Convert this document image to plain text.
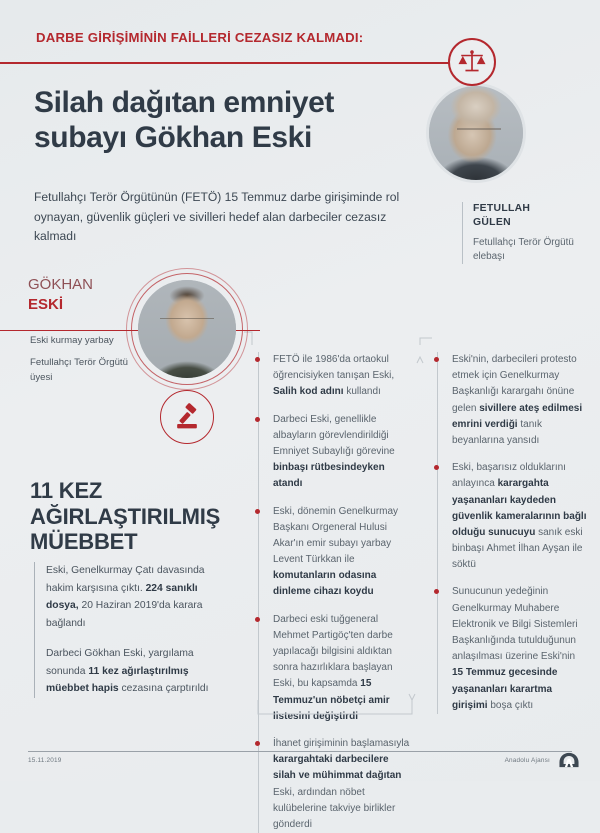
DARBE GİRİŞİMİNİN FAİLLERİ CEZASIZ KALMADI:
Silah dağıtan emniyet subayı Gökhan Eski
Fetullahçı Terör Örgütünün (FETÖ) 15 Temmuz darbe girişiminde rol oynayan, güvenlik güçleri ve sivilleri hedef alan darbeciler cezasız kalmadı
FETULLAH
GÜLEN
Fetullahçı Terör Örgütü elebaşı
GÖKHAN
ESKİ
Eski kurmay yarbay
Fetullahçı Terör Örgütü üyesi
11 KEZ AĞIRLAŞTIRILMIŞ MÜEBBET

Eski, Genelkurmay Çatı davasında hakim karşısına çıktı. 224 sanıklı dosya, 20 Haziran 2019'da karara bağlandı

Darbeci Gökhan Eski, yargılama sonunda 11 kez ağırlaştırılmış müebbet hapis cezasına çarptırıldı

FETÖ ile 1986'da ortaokul öğrencisiyken tanışan Eski, Salih kod adını kullandı
Darbeci Eski, genellikle albayların görevlendirildiği Emniyet Subaylığı görevine binbaşı rütbesindeyken atandı
Eski, dönemin Genelkurmay Başkanı Orgeneral Hulusi Akar'ın emir subayı yarbay Levent Türkkan ile komutanların odasına dinleme cihazı koydu
Darbeci eski tuğgeneral Mehmet Partigöç'ten darbe yapılacağı bilgisini aldıktan sonra hazırlıklara başlayan Eski, bu kapsamda 15 Temmuz'un nöbetçi amir listesini değiştirdi
İhanet girişiminin başlamasıyla karargahtaki darbecilere silah ve mühimmat dağıtan Eski, ardından nöbet kulübelerine takviye birlikler gönderdi
Eski'nin, darbecileri protesto etmek için Genelkurmay Başkanlığı karargahı önüne gelen sivillere ateş edilmesi emrini verdiği tanık beyanlarına yansıdı
Eski, başarısız olduklarını anlayınca karargahta yaşananları kaydeden güvenlik kameralarının bağlı olduğu sunucuyu sanık eski binbaşı Ahmet İlhan Ayşan ile söktü
Sunucunun yedeğinin Genelkurmay Muhabere Elektronik ve Bilgi Sistemleri Başkanlığında tutulduğunun anlaşılması üzerine Eski'nin 15 Temmuz gecesinde yaşananları karartma girişimi boşa çıktı
15.11.2019	Anadolu Ajansı
